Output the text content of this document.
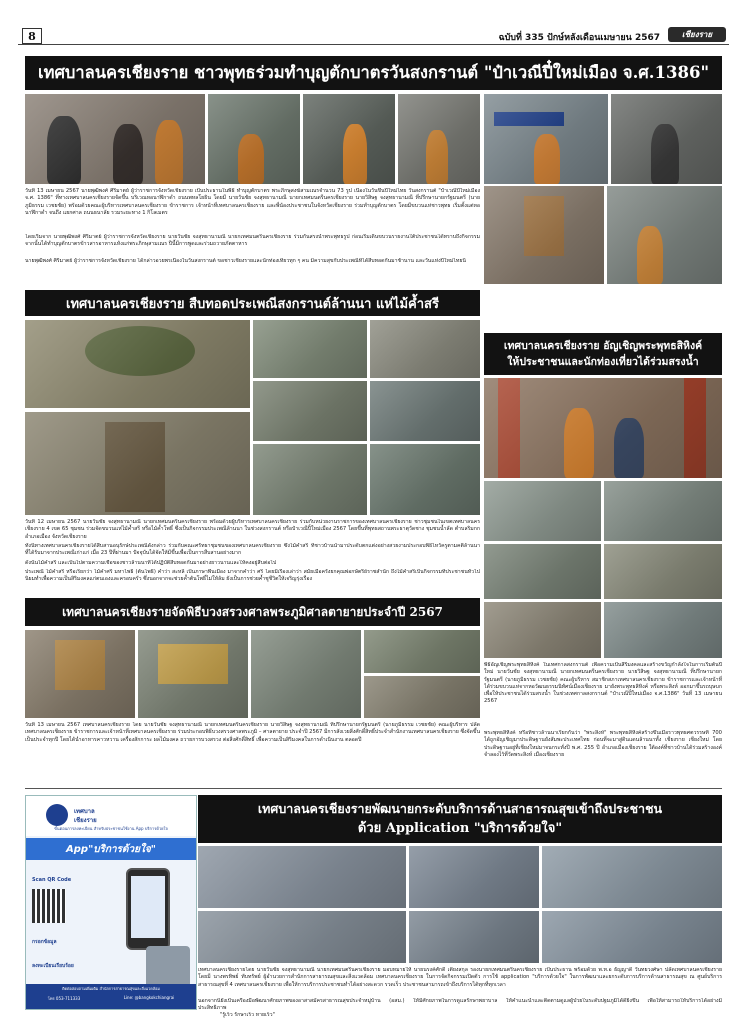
8	ฉบับที่ 335 ปักษ์หลังเดือนเมษายน 2567	เชียงราย
เทศบาลนครเชียงราย ชาวพุทธร่วมทำบุญตักบาตรวันสงกรานต์ "ป๋าเวณีปี๋ใหม่เมือง จ.ศ.1386"
วันที่ 13 เมษายน 2567 นายพุฒิพงศ์ ศิริมาตย์ ผู้ว่าราชการจังหวัดเชียงราย เป็นประธานในพิธี ทำบุญตักบาตร พระภิกษุสงฆ์สามเณรจำนวน 73 รูป เนื่องในวันขึ้นปีใหม่ไทย วันสงกรานต์ "ป๋าเวณีปี๋ใหม่เมือง จ.ศ. 1386" ที่ทางเทศบาลนครเชียงรายจัดขึ้น บริเวณหอนาฬิกาดำ ถนนพหลโยธิน โดยมี นายวันชัย จงสุทธานามณี นายกเทศมนตรีนครเชียงราย นายวิสิษฐ จงสุทธานามณี ที่ปรึกษานายกรัฐมนตรี (นายภูมิธรรม เวชยชัย) พร้อมด้วยคณะผู้บริหารเทศบาลนครเชียงราย ข้าราชการ เจ้าหน้าที่เทศบาลนครเชียงราย และพี่น้องประชาชนในจังหวัดเชียงราย ร่วมทำบุญตักบาตร โดยมีขบวนแห่ชาวพุทธ เริ่มตั้งแต่หอนาฬิกาดำ จนถึง แยกศาล ถนนธนาลัย รวมระยะทาง 1 กิโลเมตร
โดยเริ่มจาก นายพุฒิพงศ์ ศิริมาตย์ ผู้ว่าราชการจังหวัดเชียงราย นายวันชัย จงสุทธานามณี นายกเทศมนตรีนครเชียงราย ร่วมกันสรงน้ำพระพุทธรูป ก่อนเริ่มเดินขบวนรายงานใต้ประชาชนได้ทราบถึงกิจกรรม จากนั้นได้ทำบุญตักบาตรข้าวสารอาหารแห้งแก่พระภิกษุสามเณร ปีนี้มีการพูดและร่วมถวายภัตตาหาร
นายพุฒิพงศ์ ศิริมาตย์ ผู้ว่าราชการจังหวัดเชียงราย ได้กล่าวอวยพรเนื่องในวันสงกรานต์ ขอชาวเชียงรายและนักท่องเที่ยวทุก ๆ คน มีความสุขกับประเพณีที่ได้สืบทอดกันมาช้านาน และวันแห่งปีใหม่ไทยนี้
เทศบาลนครเชียงราย สืบทอดประเพณีสงกรานต์ล้านนา แห่ไม้ค้ำสรี
วันที่ 12 เมษายน 2567 นายวันชัย จงสุทธานามณี นายกเทศมนตรีนครเชียงราย พร้อมด้วยผู้บริหารเทศบาลนครเชียงราย ร่วมกับหน่วยงานราชการของเทศบาลนครเชียงราย ชาวชุมชนในเขตเทศบาลนครเชียงราย 4 เขต 65 ชุมชน ร่วมจัดขบวนแห่ไม้ค้ำสรี หรือไม้ค้ำโพธิ์ ซึ่งเป็นกิจกรรมประเพณีล้านนา ในช่วงสงกรานต์ หรือป๋าเวณีปี๋ใหม่เมือง 2567 โดยขึ้นที่พุทธสถานพระธาตุวัดชาง ชุมชนน้ำลัด ตำบลริมกก อำเภอเมือง จังหวัดเชียงราย
ทั้งนี้ทางเทศบาลนครเชียงรายได้สืบสานอนุรักษ์ประเพณีดังกล่าว ร่วมกับคณะศรัทธาชุมชนของเทศบาลนครเชียงราย ซึ่งไม้ค้ำสรี ที่ชาวบ้านนำมาประดับตกแต่งอย่างสวยงามประกอบพิธีไหว้ครูตามคติล้านนา ที่ได้รับมาจากประเพณีเก่าแก่ เมื่อ 23 ปีที่ผ่านมา ปัจจุบันได้จัดให้มีขึ้นเพื่อเป็นการสืบสานอย่างมาก
ดังนั้นไม้ค้ำสรี และเป็นไปตามความเชื่อของชาวล้านนาที่ได้ปฏิบัติสืบทอดกันมาอย่างยาวนานและให้คงอยู่สืบต่อไป
ประเพณี ไม้ค้ำสรี หรือเรียกว่า ไม้ค้ำศรี มหาโพธิ์ (ต้นโพธิ์) คำว่า สะหลี เป็นภาษาพื้นเมือง มาจากคำว่า ศรี โดยมีเรื่องเล่าว่า สมัยเมื่อครั้งยกคุณพ่อกษัตริย์ราชสำนัก ถึงไม้ค้ำสรีเป็นกิจกรรมที่ประชาชนทั่วไปนิยมทำเพื่อความเป็นสิริมงคลแก่ตนเองและครอบครัว ซึ่งนอกจากจะช่วยค้ำต้นโพธิ์ไม่ให้ล้ม ยังเป็นการช่วยค้ำชูชีวิตให้เจริญรุ่งเรือง
เทศบาลนครเชียงราย อัญเชิญพระพุทธสิหิงค์
ให้ประชาชนและนักท่องเที่ยวได้ร่วมสรงน้ำ
พิธีอัญเชิญพระพุทธสิหิงค์ ในเทศกาลสงกรานต์ เพื่อความเป็นสิริมงคลและสร้างขวัญกำลังใจในการเริ่มต้นปีใหม่ นายวันชัย จงสุทธานามณี นายกเทศมนตรีนครเชียงราย นายวิสิษฐ จงสุทธานามณี ที่ปรึกษานายกรัฐมนตรี (นายภูมิธรรม เวชยชัย) คณะผู้บริหาร สมาชิกสภาเทศบาลนครเชียงราย ข้าราชการและเจ้าหน้าที่ ได้ร่วมขบวนแห่จากหอวัฒนธรรมนิทัศน์เมืองเชียงราย มายังพระพุทธสิหิงค์ หรือพระสิงห์ ออกมาขึ้นรถบุษบกเพื่อให้ประชาชนได้ร่วมสรงน้ำ ในช่วงเทศกาลสงกรานต์ "ป๋าเวณีปี๋ใหม่เมือง จ.ศ.1386" วันที่ 13 เมษายน 2567
พระพุทธสิหิงค์ หรือที่ชาวล้านนาเรียกกันว่า "พระสิงห์" พระพุทธสิหิงค์สร้างขึ้นเมื่อราวพุทธศตวรรษที่ 700 ได้ถูกอัญเชิญมาประดิษฐานยังสัมพะประเทศไทย ก่อนที่จะมาสู่ดินแดนล้านนาทั้ง เชียงราย เชียงใหม่ โดยประดิษฐานอยู่ที่เชียงใหม่มาจนกระทั่งปี พ.ศ. 255 ปี อำเภอเมืองเชียงราย ใต้องค์ที่ชาวบ้านได้ร่วมสร้างองค์จำลองไว้ที่วัดพระสิงห์ เมืองเชียงราย
เทศบาลนครเชียงรายจัดพิธีบวงสรวงศาลพระภูมิศาลตายายประจำปี 2567
วันที่ 13 เมษายน 2567 เทศบาลนครเชียงราย โดย นายวันชัย จงสุทธานามณี นายกเทศมนตรีนครเชียงราย นายวิสิษฐ จงสุทธานามณี ที่ปรึกษานายกรัฐมนตรี (นายภูมิธรรม เวชยชัย) คณะผู้บริหาร ปลัดเทศบาลนครเชียงราย ข้าราชการและเจ้าหน้าที่เทศบาลนครเชียงราย ร่วมประกอบพิธีบวงสรวงศาลพระภูมิ – ศาลตายาย ประจำปี 2567 มีการสังเวยสิ่งศักดิ์สิทธิ์ประจำสำนักงานเทศบาลนครเชียงราย ซึ่งจัดขึ้นเป็นประจำทุกปี โดยได้นำอาหารคาวหวาน เครื่องสักการะ ผลไม้มงคล ถวายการบวงสรวง ต่อสิ่งศักดิ์สิทธิ์ เพื่อความเป็นสิริมงคลในการดำเนินงาน ตลอดปี
เทศบาล
เชียงราย
ขั้นตอนการลงทะเบียน สำหรับประชาชนใช้งาน App บริการด้วยใจ
App"บริการด้วยใจ"
Scan QR Code
กรอกข้อมูล
ลงทะเบียนเรียบร้อย
ติดต่อสอบถามเพิ่มเติม สำนักการสาธารณสุขและสิ่งแวดล้อม
โทร 053-711333	Line: @bangkokchiangrai
เทศบาลนครเชียงรายพัฒนายกระดับบริการด้านสาธารณสุขเข้าถึงประชาชน
ด้วย Application "บริการด้วยใจ"
เทศบาลนครเชียงรายโดย นายวันชัย จงสุทธานามณี นายกเทศมนตรีนครเชียงราย มอบหมายให้ นายนรงค์ศักดิ์ เตียงสกุล รองนายกเทศมนตรีนครเชียงราย เป็นประธาน พร้อมด้วย พ.ท.อ ธัญญาดี วันทยวงศ์ษา ปลัดเทศบาลนครเชียงราย โดยมี นางพรทิพย์ ทับทรัพย์ ผู้อำนวยการสำนักการสาธารณสุขและสิ่งแวดล้อม เทศบาลนครเชียงราย ในการจัดกิจกรรมเปิดตัว การใช้ application "บริการด้วยใจ" ในการพัฒนาและยกระดับการบริการด้านสาธารณสุข ณ ศูนย์บริการสาธารณสุขที่ 4 เทศบาลนครเชียงราย เพื่อให้การบริการประชาชนทำได้อย่างสะดวก รวดเร็ว ประชาชนสามารถเข้าถึงบริการได้ทุกที่ทุกเวลา
นอกจากนี้ยังเป็นเครื่องมือพัฒนาศักยภาพของอาสาสมัครสาธารณสุขประจำหมู่บ้าน (อสม.) ให้มีศักยภาพในการดูแลรักษาพยาบาล ให้คำแนะนำและติดตามดูแลผู้ป่วยในระดับปฐมภูมิได้ดียิ่งขึ้น เพื่อให้สามารถให้บริการได้อย่างมีประสิทธิภาพ
"รู้เร็ว รักษาเร็ว หายเร็ว"
